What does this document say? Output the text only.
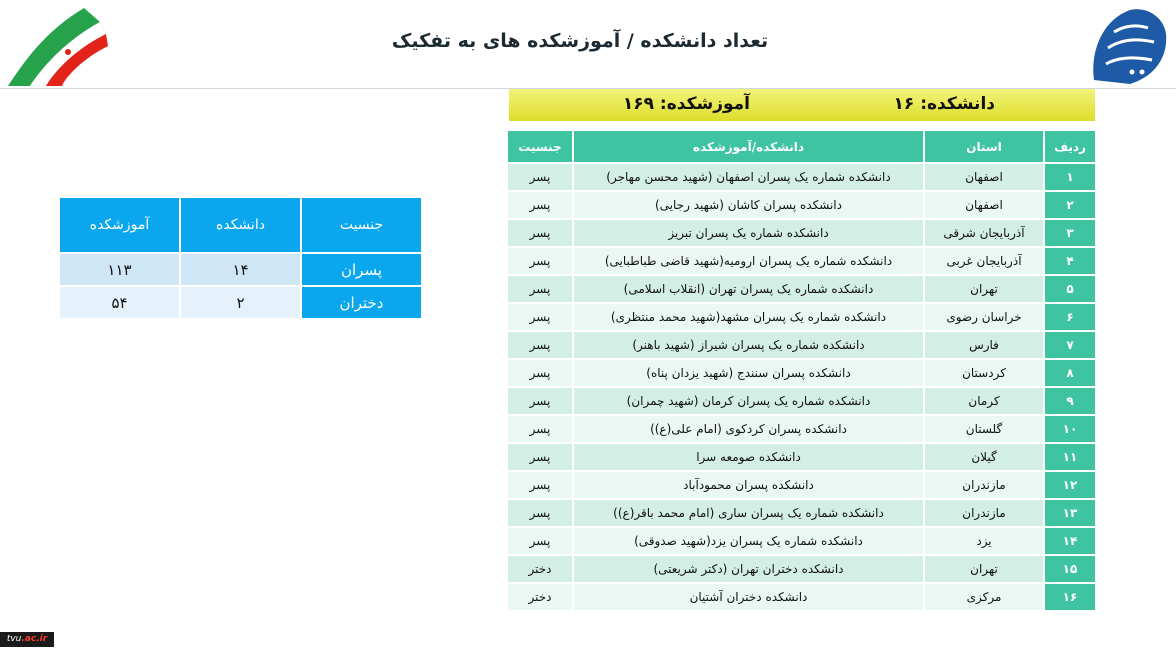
تعداد دانشکده / آموزشکده های به تفکیک
دانشکده: ۱۶
آموزشکده: ۱۶۹
ردیف	استان	دانشکده/آموزشکده	جنسیت
۱	اصفهان	دانشکده شماره یک پسران اصفهان (شهید محسن مهاجر)	پسر
۲	اصفهان	دانشکده پسران کاشان (شهید رجایی)	پسر
۳	آذربایجان شرقی	دانشکده شماره یک پسران تبریز	پسر
۴	آذربایجان غربی	دانشکده شماره یک پسران ارومیه(شهید قاضی طباطبایی)	پسر
۵	تهران	دانشکده شماره یک پسران تهران (انقلاب اسلامی)	پسر
۶	خراسان رضوی	دانشکده شماره یک پسران مشهد(شهید محمد منتظری)	پسر
۷	فارس	دانشکده شماره یک پسران شیراز (شهید باهنر)	پسر
۸	کردستان	دانشکده پسران سنندج (شهید یزدان پناه)	پسر
۹	کرمان	دانشکده شماره یک پسران کرمان (شهید چمران)	پسر
۱۰	گلستان	دانشکده پسران کردکوی (امام علی(ع))	پسر
۱۱	گیلان	دانشکده صومعه سرا	پسر
۱۲	مازندران	دانشکده پسران محمودآباد	پسر
۱۳	مازندران	دانشکده شماره یک پسران ساری (امام محمد باقر(ع))	پسر
۱۴	یزد	دانشکده شماره یک پسران یزد(شهید صدوقی)	پسر
۱۵	تهران	دانشکده دختران تهران (دکتر شریعتی)	دختر
۱۶	مرکزی	دانشکده دختران آشتیان	دختر
جنسیت	دانشکده	آموزشکده
پسران	۱۴	۱۱۳
دختران	۲	۵۴
tvu.ac.ir
